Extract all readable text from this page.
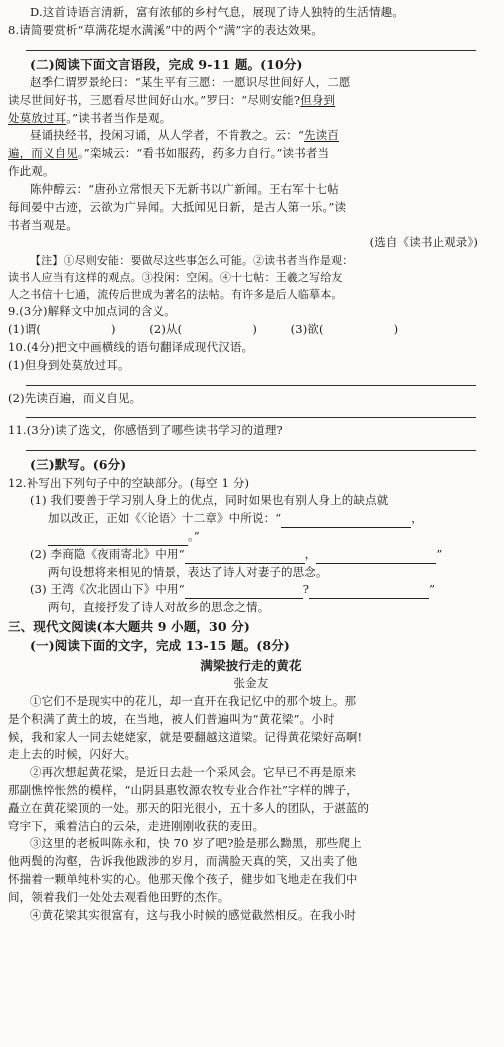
D.这首诗语言清新，富有浓郁的乡村气息，展现了诗人独特的生活情趣。

8.请简要赏析“草满花堤水满溪”中的两个“满”字的表达效果。

(二)阅读下面文言语段，完成 9-11 题。(10分)

赵季仁谓罗景纶曰：“某生平有三愿：一愿识尽世间好人，二愿

读尽世间好书，三愿看尽世间好山水。”罗曰：“尽则安能?但身到

处莫放过耳。”读书者当作是观。

昼诵抉经书，投闲习诵，从人学者，不肯教之。云：“先读百

遍，而义自见。”栾城云：“看书如服药，药多力自行。”读书者当

作此观。

陈仲醇云：“唐孙立常恨天下无新书以广新闻。王右军十七帖

每间晏中古迹，云欲为广异闻。大抵闻见日新，是古人第一乐。”读

书者当观是。

(选自《读书止观录》)

【注】①尽则安能：要做尽这些事怎么可能。②读书者当作是观：

读书人应当有这样的观点。③投闲：空闲。④十七帖：王羲之写给友

人之书信十七通，流传后世成为著名的法帖。有许多是后人临摹本。

9.(3分)解释文中加点词的含义。

(1)谓(	)	(2)从(	)	(3)欲(	)

10.(4分)把文中画横线的语句翻译成现代汉语。

(1)但身到处莫放过耳。

(2)先读百遍，而义自见。

11.(3分)读了选文，你感悟到了哪些读书学习的道理?

(三)默写。(6分)

12.补写出下列句子中的空缺部分。(每空 1 分)

(1) 我们要善于学习别人身上的优点，同时如果也有别人身上的缺点就

加以改正，正如《〈论语〉十二章》中所说：“	，

。”

(2) 李商隐《夜雨寄北》中用“	，	”

两句设想将来相见的情景，表达了诗人对妻子的思念。

(3) 王湾《次北固山下》中用“	?	”

两句，直接抒发了诗人对故乡的思念之情。

三、现代文阅读(本大题共 9 小题，30 分)

(一)阅读下面的文字，完成 13-15 题。(8分)

满梁披行走的黄花

张金友

①它们不是现实中的花儿，却一直开在我记忆中的那个坡上。那

是个积满了黄土的坡，在当地，被人们普遍叫为“黄花梁”。小时

候，我和家人一同去姥姥家，就是要翻越这道梁。记得黄花梁好高啊!

走上去的时候，闪好大。

②再次想起黄花梁，是近日去赴一个采风会。它早已不再是原来

那副憔悴怅然的模样，“山阴县惠牧源农牧专业合作社”字样的牌子，

矗立在黄花梁顶的一处。那天的阳光很小，五十多人的团队，于湛蓝的

穹宇下，乘着洁白的云朵，走进刚刚收获的麦田。

③这里的老板叫陈永和，快 70 岁了吧?脸是那么黝黑，那些爬上

他两鬓的沟壑，告诉我他跋涉的岁月，而满脸天真的笑，又出卖了他

怀揣着一颗单纯朴实的心。他那天像个孩子，健步如飞地走在我们中

间，领着我们一处处去观看他田野的杰作。

④黄花梁其实很富有，这与我小时候的感觉截然相反。在我小时
